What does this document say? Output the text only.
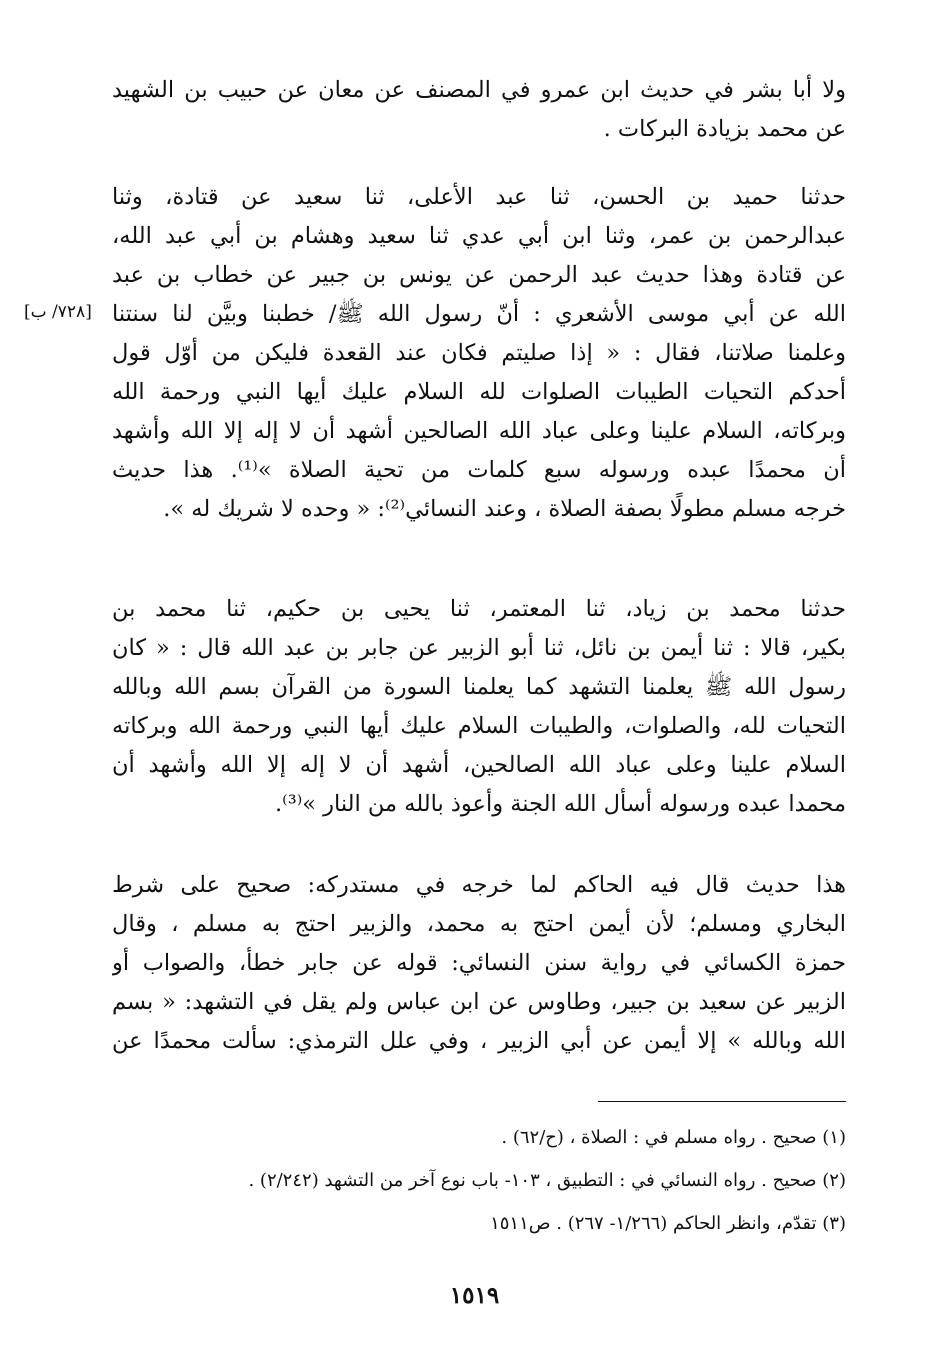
[٧٢٨/ ب]
ولا أبا بشر في حديث ابن عمرو في المصنف عن معان عن حبيب بن الشهيد
عن محمد بزيادة البركات .
حدثنا حميد بن الحسن، ثنا عبد الأعلى، ثنا سعيد عن قتادة، وثنا
عبدالرحمن بن عمر، وثنا ابن أبي عدي ثنا سعيد وهشام بن أبي عبد الله،
عن قتادة وهذا حديث عبد الرحمن عن يونس بن جبير عن خطاب بن عبد
الله عن أبي موسى الأشعري : أنّ رسول الله ﷺ/ خطبنا وبيَّن لنا سنتنا
وعلمنا صلاتنا، فقال : « إذا صليتم فكان عند القعدة فليكن من أوّل قول
أحدكم التحيات الطيبات الصلوات لله السلام عليك أيها النبي ورحمة الله
وبركاته، السلام علينا وعلى عباد الله الصالحين أشهد أن لا إله إلا الله وأشهد
أن محمدًا عبده ورسوله سبع كلمات من تحية الصلاة »⁽¹⁾. هذا حديث
خرجه مسلم مطولًا بصفة الصلاة ، وعند النسائي⁽²⁾: « وحده لا شريك له ».
حدثنا محمد بن زياد، ثنا المعتمر، ثنا يحيى بن حكيم، ثنا محمد بن
بكير، قالا : ثنا أيمن بن نائل، ثنا أبو الزبير عن جابر بن عبد الله قال : « كان
رسول الله ﷺ يعلمنا التشهد كما يعلمنا السورة من القرآن بسم الله وبالله
التحيات لله، والصلوات، والطيبات السلام عليك أيها النبي ورحمة الله وبركاته
السلام علينا وعلى عباد الله الصالحين، أشهد أن لا إله إلا الله وأشهد أن
محمدا عبده ورسوله أسأل الله الجنة وأعوذ بالله من النار »⁽³⁾.
هذا حديث قال فيه الحاكم لما خرجه في مستدركه: صحيح على شرط
البخاري ومسلم؛ لأن أيمن احتج به محمد، والزبير احتج به مسلم ، وقال
حمزة الكسائي في رواية سنن النسائي: قوله عن جابر خطأ، والصواب أو
الزبير عن سعيد بن جبير، وطاوس عن ابن عباس ولم يقل في التشهد: « بسم
الله وبالله » إلا أيمن عن أبي الزبير ، وفي علل الترمذي: سألت محمدًا عن
(١) صحيح . رواه مسلم في : الصلاة ، (ح/٦٢) .
(٢) صحيح . رواه النسائي في : التطبيق ، ١٠٣- باب نوع آخر من التشهد (٢/٢٤٢) .
(٣) تقدّم، وانظر الحاكم (١/٢٦٦- ٢٦٧) . ص١٥١١
١٥١٩
